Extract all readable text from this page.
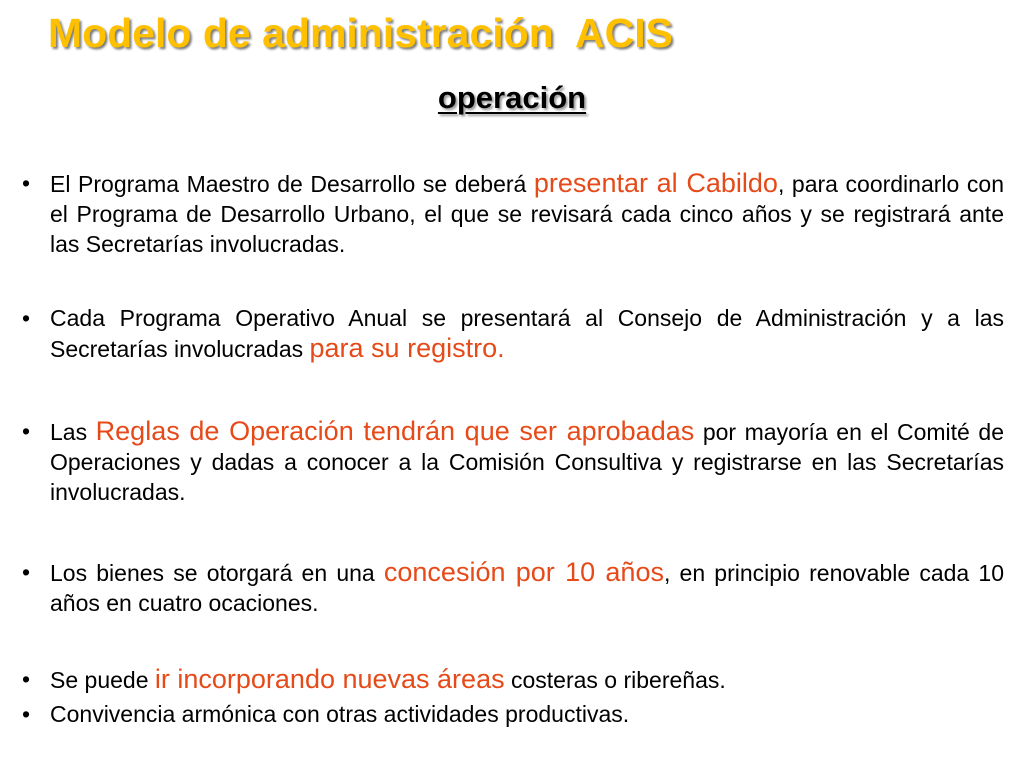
Modelo de administración  ACIS
operación
• El Programa Maestro de Desarrollo se deberá presentar al Cabildo, para coordinarlo con el Programa de Desarrollo Urbano, el que se revisará cada cinco años y se registrará ante las Secretarías involucradas.
• Cada Programa Operativo Anual se presentará al Consejo de Administración y a las Secretarías involucradas para su registro.
• Las Reglas de Operación tendrán que ser aprobadas por mayoría en el Comité de Operaciones y dadas a conocer a la Comisión Consultiva y registrarse en las Secretarías involucradas.
• Los bienes se otorgará en una concesión por 10 años, en principio renovable cada 10 años en cuatro ocaciones.
• Se puede ir incorporando nuevas áreas costeras o ribereñas.
• Convivencia armónica con otras actividades productivas.
